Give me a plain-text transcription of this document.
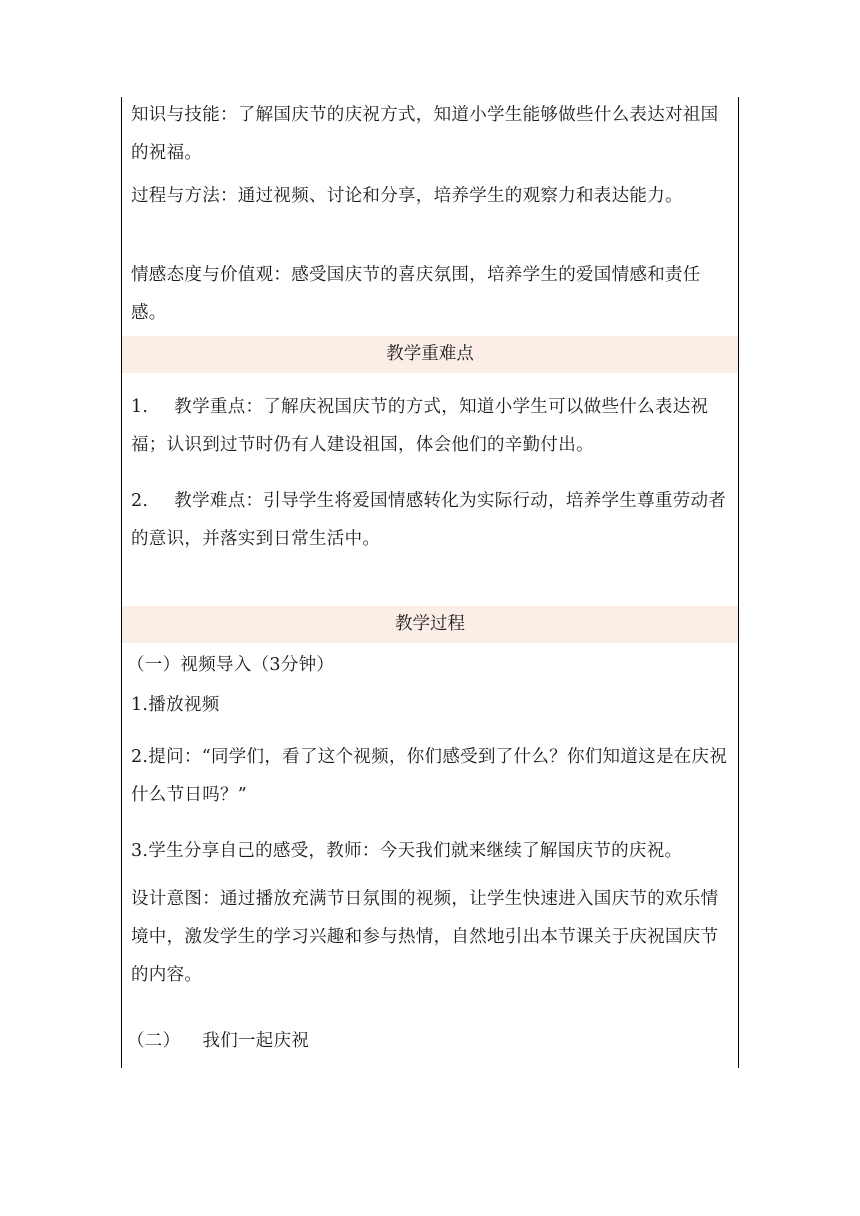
知识与技能：了解国庆节的庆祝方式，知道小学生能够做些什么表达对祖国的祝福。
过程与方法：通过视频、讨论和分享，培养学生的观察力和表达能力。
情感态度与价值观：感受国庆节的喜庆氛围，培养学生的爱国情感和责任感。
教学重难点
1. 教学重点：了解庆祝国庆节的方式，知道小学生可以做些什么表达祝福；认识到过节时仍有人建设祖国，体会他们的辛勤付出。
2. 教学难点：引导学生将爱国情感转化为实际行动，培养学生尊重劳动者的意识，并落实到日常生活中。
教学过程
（一）视频导入（3分钟）
1.播放视频
2.提问：“同学们，看了这个视频，你们感受到了什么？你们知道这是在庆祝什么节日吗？”
3.学生分享自己的感受，教师：今天我们就来继续了解国庆节的庆祝。
设计意图：通过播放充满节日氛围的视频，让学生快速进入国庆节的欢乐情境中，激发学生的学习兴趣和参与热情，自然地引出本节课关于庆祝国庆节的内容。
（二） 我们一起庆祝
